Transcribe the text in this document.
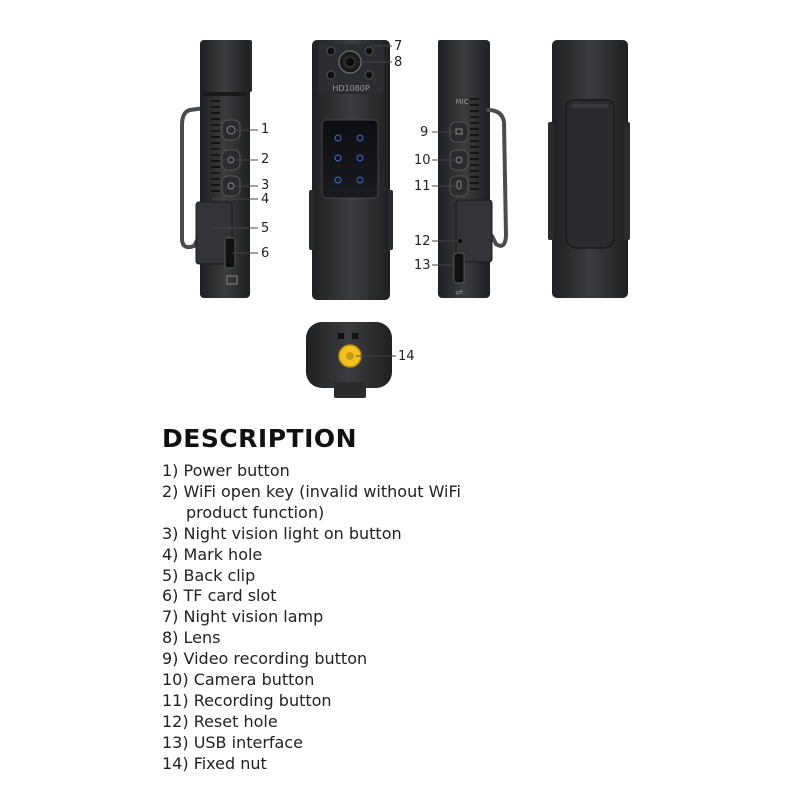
HD1080P
MIC
⇌
1
2
3
4
5
6
7
8
9
10
11
12
13
14
DESCRIPTION
1) Power button
2) WiFi open key (invalid without WiFi product function)
3) Night vision light on button
4) Mark hole
5) Back clip
6) TF card slot
7) Night vision lamp
8) Lens
9) Video recording button
10) Camera button
11) Recording button
12) Reset hole
13) USB interface
14) Fixed nut
